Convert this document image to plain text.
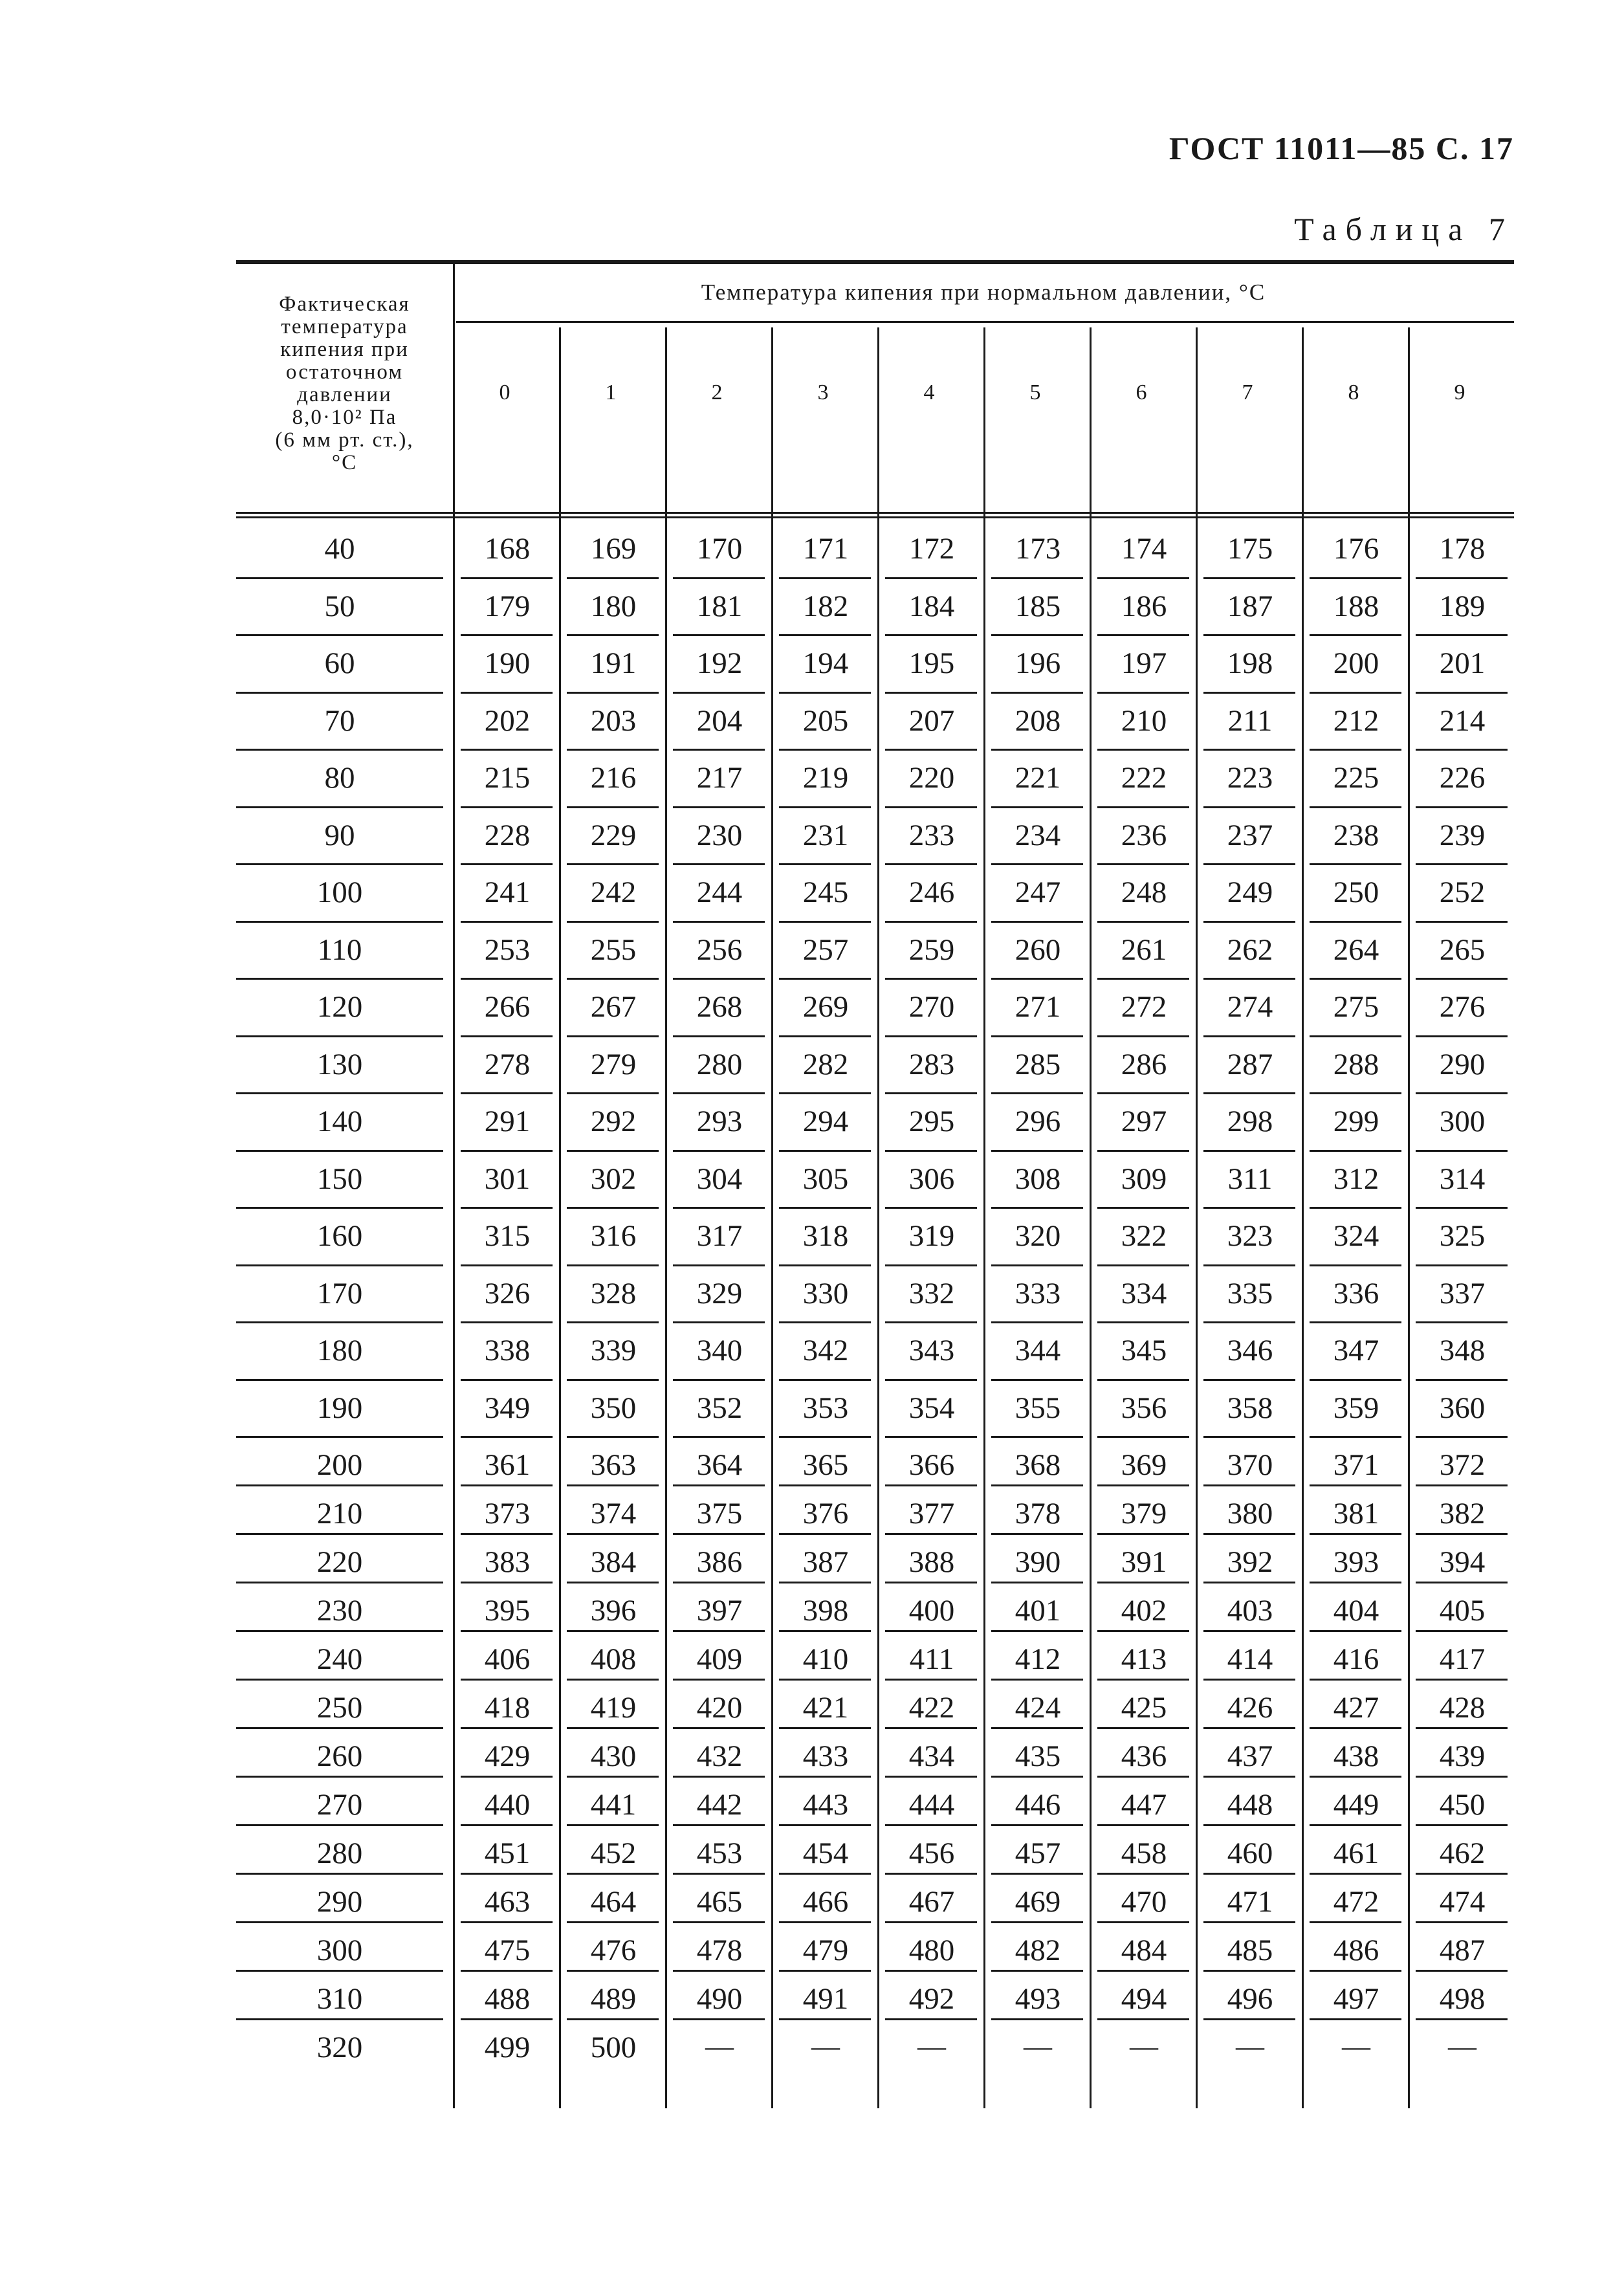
ГОСТ 11011—85 С. 17
Таблица 7
Фактическая
температура
кипения при
остаточном
давлении
8,0·10² Па
(6 мм рт. ст.),
°С
Температура кипения при нормальном давлении, °С
40	168	169	170	171	172	173	174	175	176	178
50	179	180	181	182	184	185	186	187	188	189
60	190	191	192	194	195	196	197	198	200	201
70	202	203	204	205	207	208	210	211	212	214
80	215	216	217	219	220	221	222	223	225	226
90	228	229	230	231	233	234	236	237	238	239
100	241	242	244	245	246	247	248	249	250	252
110	253	255	256	257	259	260	261	262	264	265
120	266	267	268	269	270	271	272	274	275	276
130	278	279	280	282	283	285	286	287	288	290
140	291	292	293	294	295	296	297	298	299	300
150	301	302	304	305	306	308	309	311	312	314
160	315	316	317	318	319	320	322	323	324	325
170	326	328	329	330	332	333	334	335	336	337
180	338	339	340	342	343	344	345	346	347	348
190	349	350	352	353	354	355	356	358	359	360
200	361	363	364	365	366	368	369	370	371	372
210	373	374	375	376	377	378	379	380	381	382
220	383	384	386	387	388	390	391	392	393	394
230	395	396	397	398	400	401	402	403	404	405
240	406	408	409	410	411	412	413	414	416	417
250	418	419	420	421	422	424	425	426	427	428
260	429	430	432	433	434	435	436	437	438	439
270	440	441	442	443	444	446	447	448	449	450
280	451	452	453	454	456	457	458	460	461	462
290	463	464	465	466	467	469	470	471	472	474
300	475	476	478	479	480	482	484	485	486	487
310	488	489	490	491	492	493	494	496	497	498
320	499	500	—	—	—	—	—	—	—	—
0	1	2	3	4	5	6	7	8	9
